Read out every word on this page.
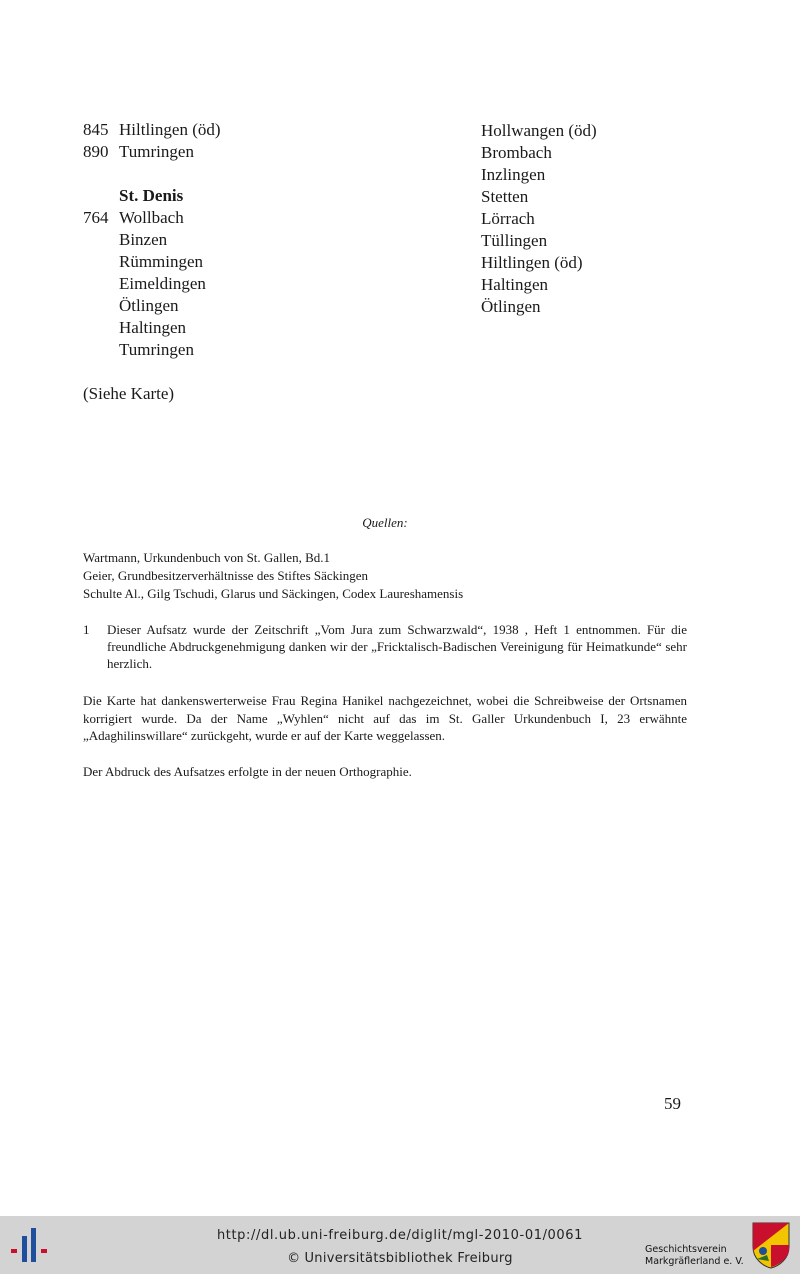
845 Hiltlingen (öd)
890 Tumringen
St. Denis
764 Wollbach
Binzen
Rümmingen
Eimeldingen
Ötlingen
Haltingen
Tumringen
Hollwangen (öd)
Brombach
Inzlingen
Stetten
Lörrach
Tüllingen
Hiltlingen (öd)
Haltingen
Ötlingen
(Siehe Karte)
Quellen:
Wartmann, Urkundenbuch von St. Gallen, Bd.1
Geier, Grundbesitzerverhältnisse des Stiftes Säckingen
Schulte Al., Gilg Tschudi, Glarus und Säckingen, Codex Laureshamensis
1	Dieser Aufsatz wurde der Zeitschrift „Vom Jura zum Schwarzwald“, 1938 , Heft 1 entnommen. Für die freundliche Abdruckgenehmigung danken wir der „Fricktalisch-Badischen Vereinigung für Heimatkunde“ sehr herzlich.
Die Karte hat dankenswerterweise Frau Regina Hanikel nachgezeichnet, wobei die Schreibweise der Ortsnamen korrigiert wurde. Da der Name „Wyhlen“ nicht auf das im St. Galler Urkundenbuch I, 23 erwähnte „Adaghilinswillare“ zurückgeht, wurde er auf der Karte weggelassen.
Der Abdruck des Aufsatzes erfolgte in der neuen Orthographie.
59
http://dl.ub.uni-freiburg.de/diglit/mgl-2010-01/0061
© Universitätsbibliothek Freiburg
Geschichtsverein
Markgräflerland e. V.
